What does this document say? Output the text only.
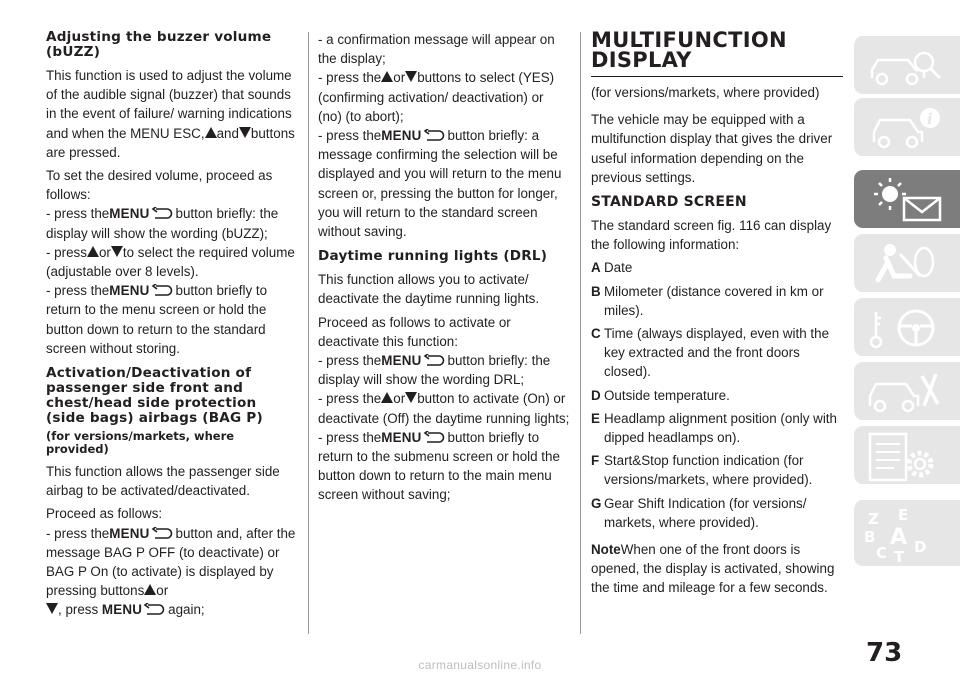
Adjusting the buzzer volume (bUZZ)

This function is used to adjust the volume of the audible signal (buzzer) that sounds in the event of failure/ warning indications and when the MENU ESC, and buttons are pressed.

To set the desired volume, proceed as follows:
- press theMENU button briefly: the display will show the wording (bUZZ);
- press or to select the required volume (adjustable over 8 levels).
- press theMENU button briefly to return to the menu screen or hold the button down to return to the standard screen without storing.

Activation/Deactivation of passenger side front and chest/head side protection (side bags) airbags (BAG P)
(for versions/markets, where provided)

This function allows the passenger side airbag to be activated/deactivated.

Proceed as follows:
- press theMENU button and, after the message BAG P OFF (to deactivate) or BAG P On (to activate) is displayed by pressing buttons or
, press MENU again;

- a confirmation message will appear on the display;
- press the or buttons to select (YES) (confirming activation/ deactivation) or (no) (to abort);
- press theMENU button briefly: a message confirming the selection will be displayed and you will return to the menu screen or, pressing the button for longer, you will return to the standard screen without saving.

Daytime running lights (DRL)

This function allows you to activate/ deactivate the daytime running lights.

Proceed as follows to activate or deactivate this function:
- press theMENU button briefly: the display will show the wording DRL;
- press the or button to activate (On) or deactivate (Off) the daytime running lights;
- press theMENU button briefly to return to the submenu screen or hold the button down to return to the main menu screen without saving;

MULTIFUNCTION DISPLAY

(for versions/markets, where provided)

The vehicle may be equipped with a multifunction display that gives the driver useful information depending on the previous settings.

STANDARD SCREEN

The standard screen fig. 116 can display the following information:

A Date
B Milometer (distance covered in km or miles).
C Time (always displayed, even with the key extracted and the front doors closed).
D Outside temperature.
E Headlamp alignment position (only with dipped headlamps on).
F Start&Stop function indication (for versions/markets, where provided).
G Gear Shift Indication (for versions/ markets, where provided).

NoteWhen one of the front doors is opened, the display is activated, showing the time and mileage for a few seconds.

i
Z E
B A
C D
T
73
carmanualsonline.info
